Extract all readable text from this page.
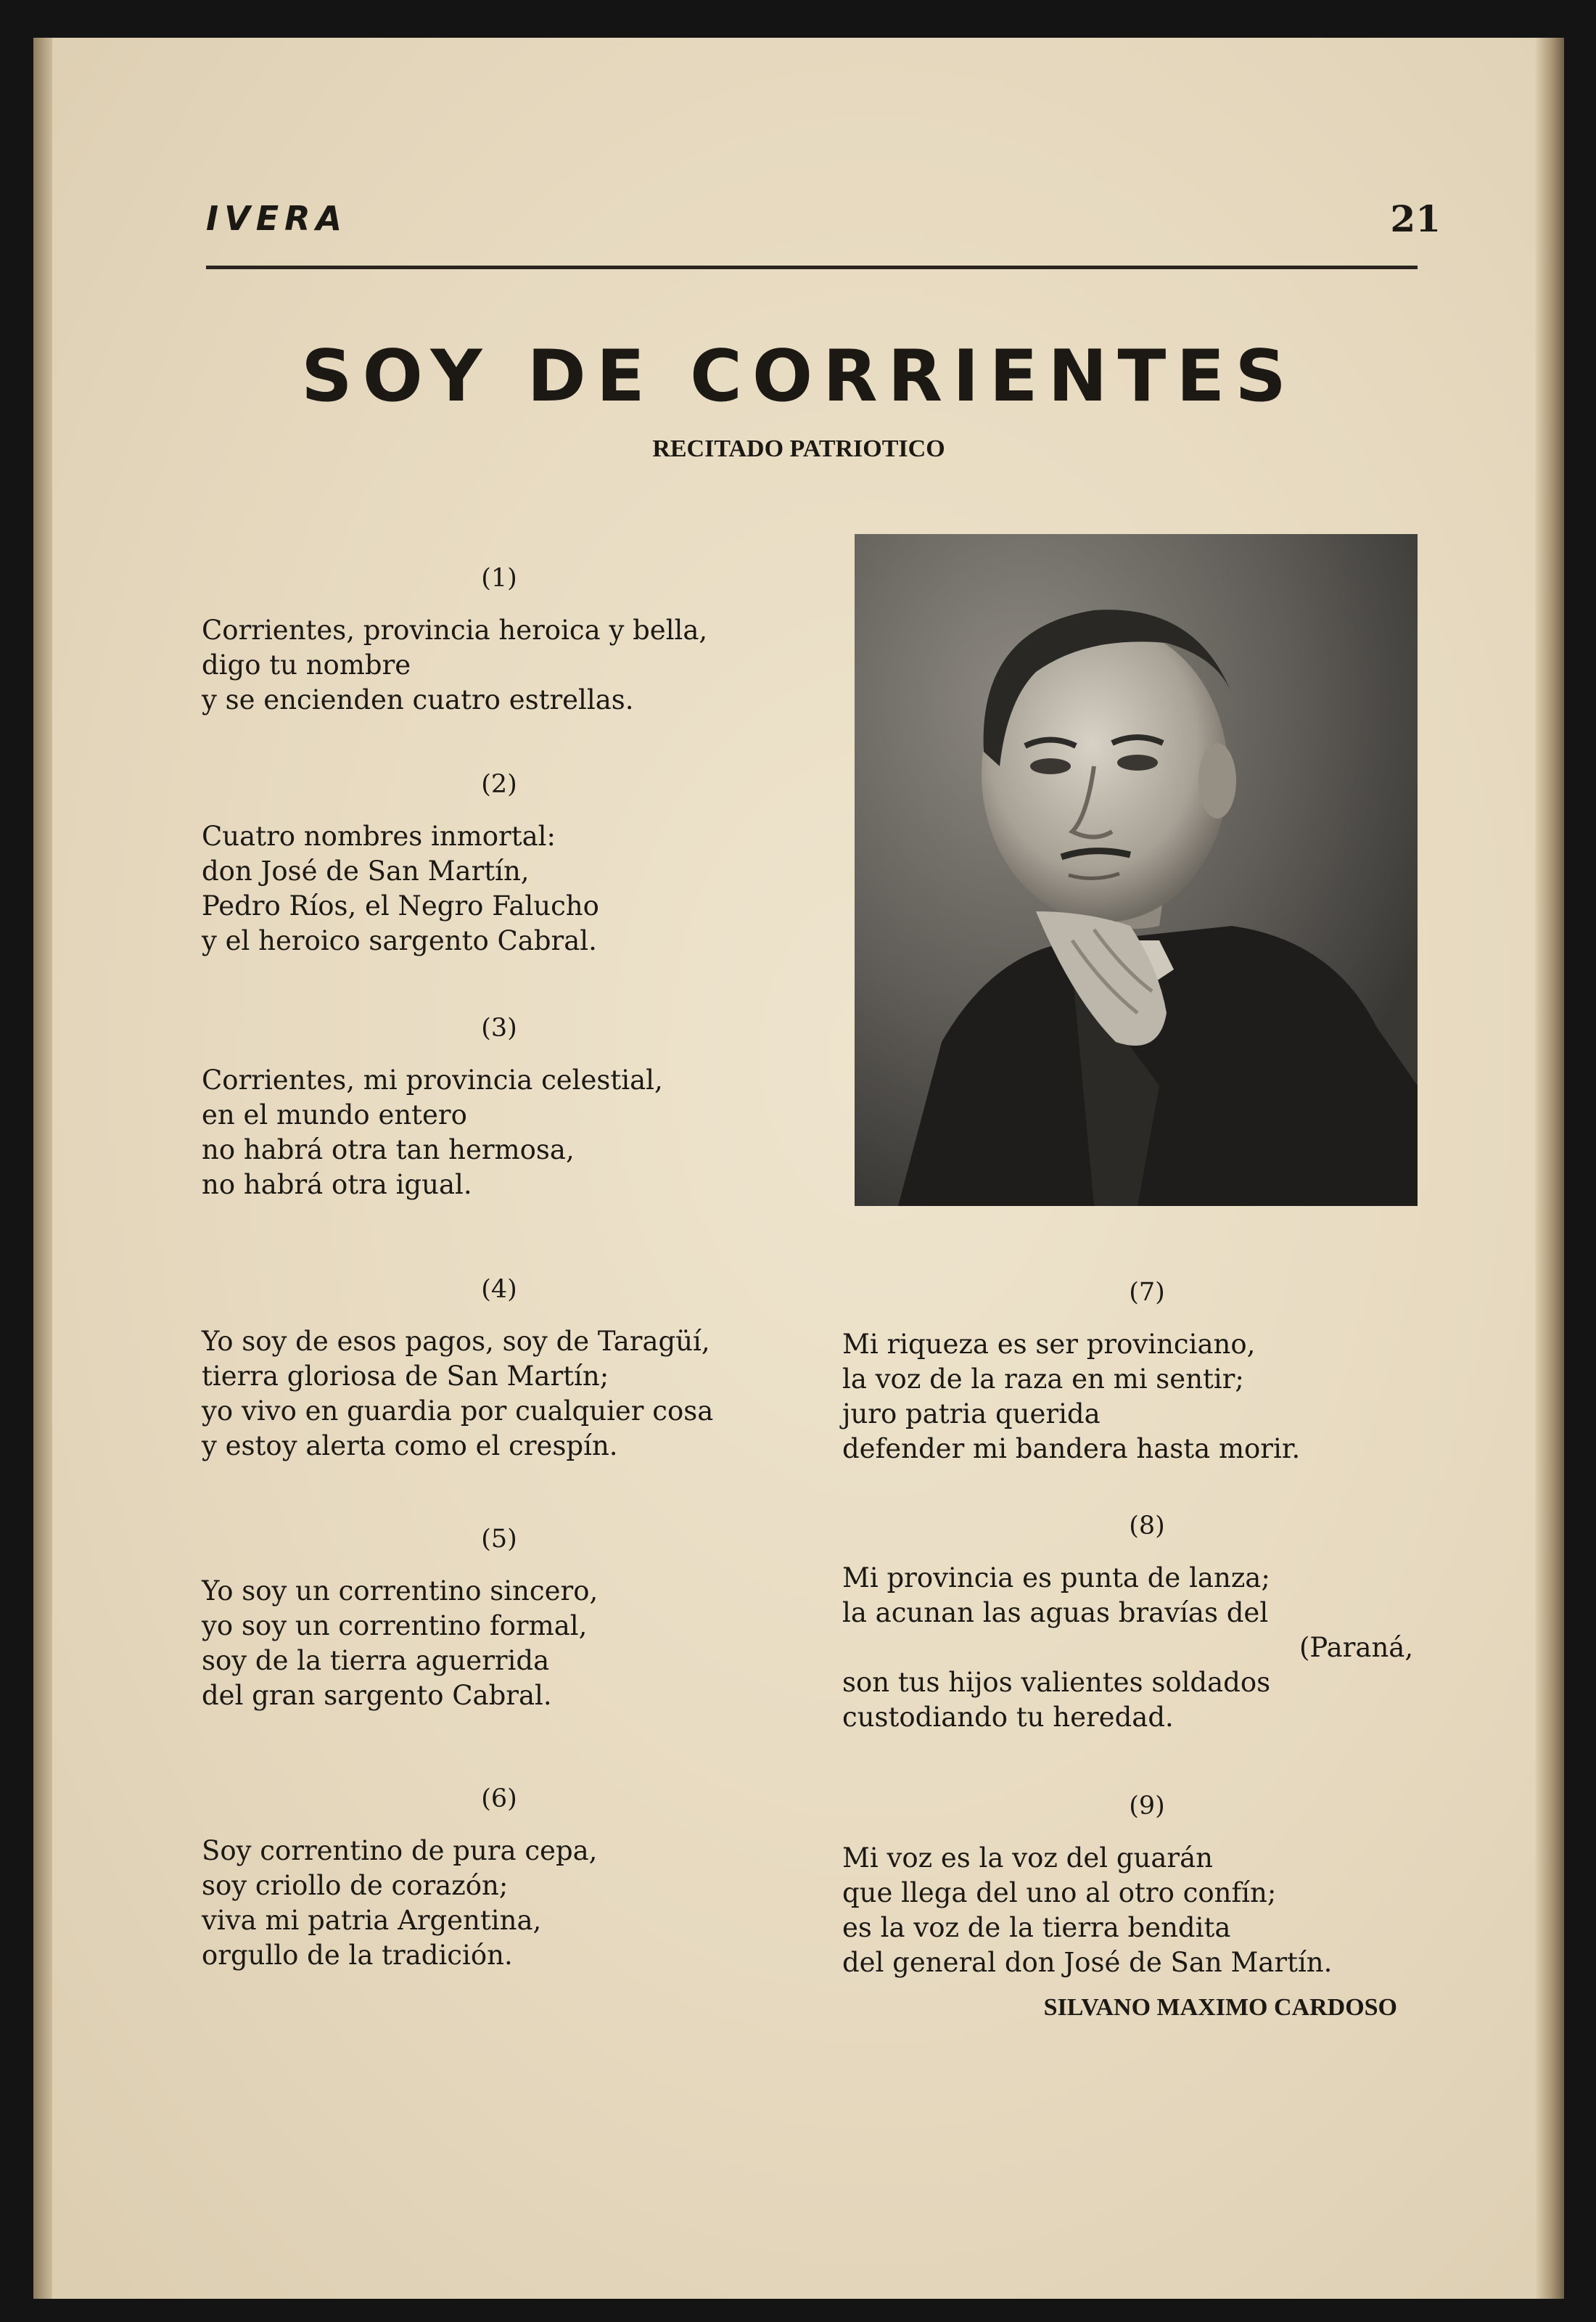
IVERA	21
SOY DE CORRIENTES
RECITADO PATRIOTICO
(1)
Corrientes, provincia heroica y bella,
digo tu nombre
y se encienden cuatro estrellas.
(2)
Cuatro nombres inmortal:
don José de San Martín,
Pedro Ríos, el Negro Falucho
y el heroico sargento Cabral.
(3)
Corrientes, mi provincia celestial,
en el mundo entero
no habrá otra tan hermosa,
no habrá otra igual.
(4)
Yo soy de esos pagos, soy de Taragüí,
tierra gloriosa de San Martín;
yo vivo en guardia por cualquier cosa
y estoy alerta como el crespín.
(5)
Yo soy un correntino sincero,
yo soy un correntino formal,
soy de la tierra aguerrida
del gran sargento Cabral.
(6)
Soy correntino de pura cepa,
soy criollo de corazón;
viva mi patria Argentina,
orgullo de la tradición.
(7)
Mi riqueza es ser provinciano,
la voz de la raza en mi sentir;
juro patria querida
defender mi bandera hasta morir.
(8)
Mi provincia es punta de lanza;
la acunan las aguas bravías del
(Paraná,
son tus hijos valientes soldados
custodiando tu heredad.
(9)
Mi voz es la voz del guarán
que llega del uno al otro confín;
es la voz de la tierra bendita
del general don José de San Martín.
SILVANO MAXIMO CARDOSO
